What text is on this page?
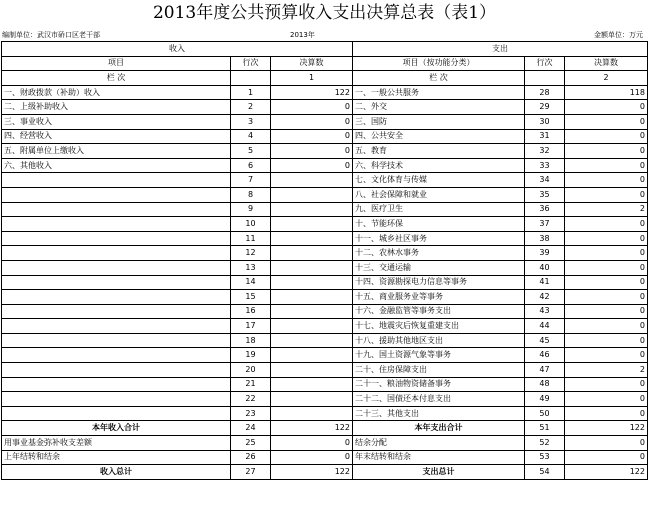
2013年度公共预算收入支出决算总表（表1）
编制单位：武汉市硚口区老干部	2013年	金额单位：万元
收入			支出		
项目	行次	决算数	项目（按功能分类）	行次	决算数
栏 次		1	栏 次		2
一、财政拨款（补助）收入	1	122	一、一般公共服务	28	118
二、上级补助收入	2	0	二、外交	29	0
三、事业收入	3	0	三、国防	30	0
四、经营收入	4	0	四、公共安全	31	0
五、附属单位上缴收入	5	0	五、教育	32	0
六、其他收入	6	0	六、科学技术	33	0
	7		七、文化体育与传媒	34	0
	8		八、社会保障和就业	35	0
	9		九、医疗卫生	36	2
	10		十、节能环保	37	0
	11		十一、城乡社区事务	38	0
	12		十二、农林水事务	39	0
	13		十三、交通运输	40	0
	14		十四、资源勘探电力信息等事务	41	0
	15		十五、商业服务业等事务	42	0
	16		十六、金融监管等事务支出	43	0
	17		十七、地震灾后恢复重建支出	44	0
	18		十八、援助其他地区支出	45	0
	19		十九、国土资源气象等事务	46	0
	20		二十、住房保障支出	47	2
	21		二十一、粮油物资储备事务	48	0
	22		二十二、国债还本付息支出	49	0
	23		二十三、其他支出	50	0
本年收入合计	24	122	本年支出合计	51	122
用事业基金弥补收支差额	25	0	结余分配	52	0
上年结转和结余	26	0	年末结转和结余	53	0
收入总计	27	122	支出总计	54	122
